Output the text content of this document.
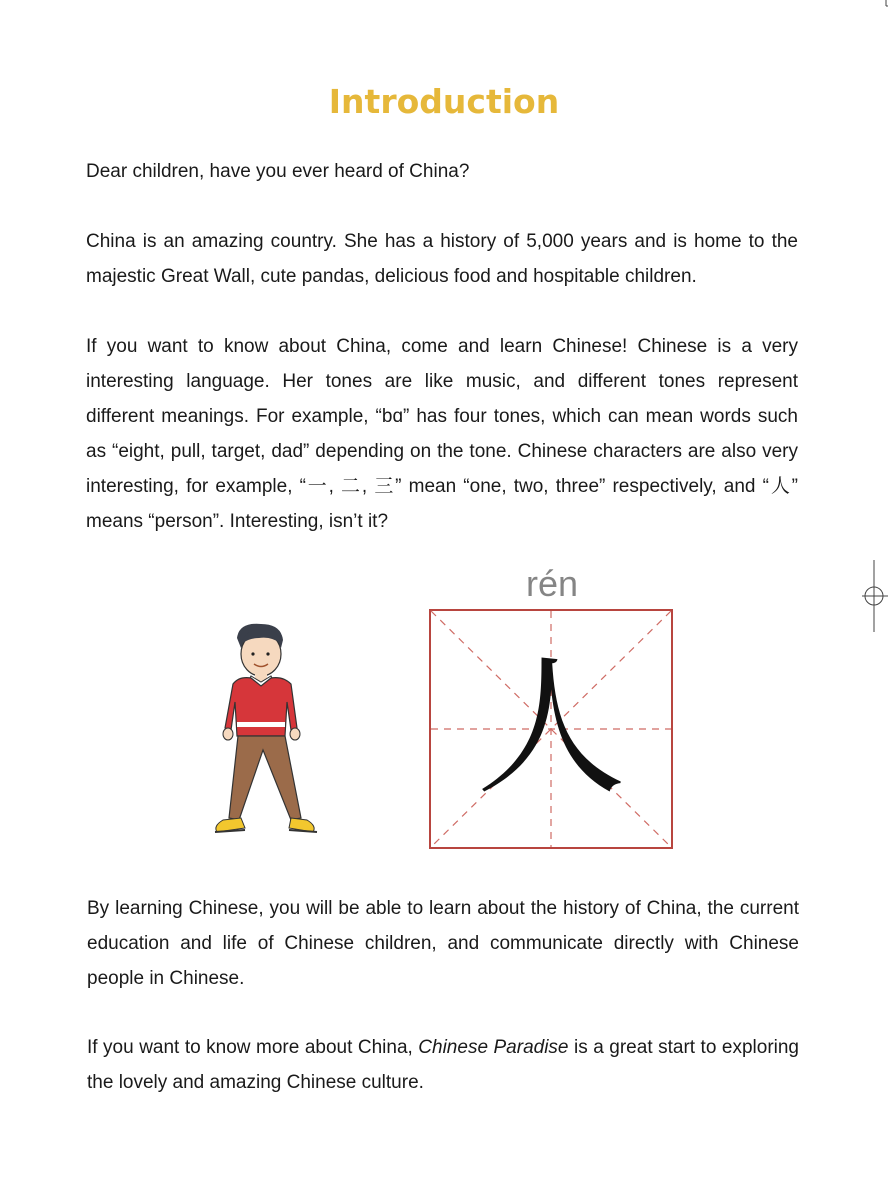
Introduction

Dear children, have you ever heard of China?

China is an amazing country. She has a history of 5,000 years and is home to the majestic Great Wall, cute pandas, delicious food and hospitable children.

If you want to know about China, come and learn Chinese! Chinese is a very interesting language. Her tones are like music, and different tones represent different meanings. For example, “bɑ” has four tones, which can mean words such as “eight, pull, target, dad” depending on the tone. Chinese characters are also very interesting, for example, “一, 二, 三” mean “one, two, three” respectively, and “人” means “person”. Interesting, isn’t it?

rén
人

By learning Chinese, you will be able to learn about the history of China, the current education and life of Chinese children, and communicate directly with Chinese people in Chinese.

If you want to know more about China, Chinese Paradise is a great start to exploring the lovely and amazing Chinese culture.
